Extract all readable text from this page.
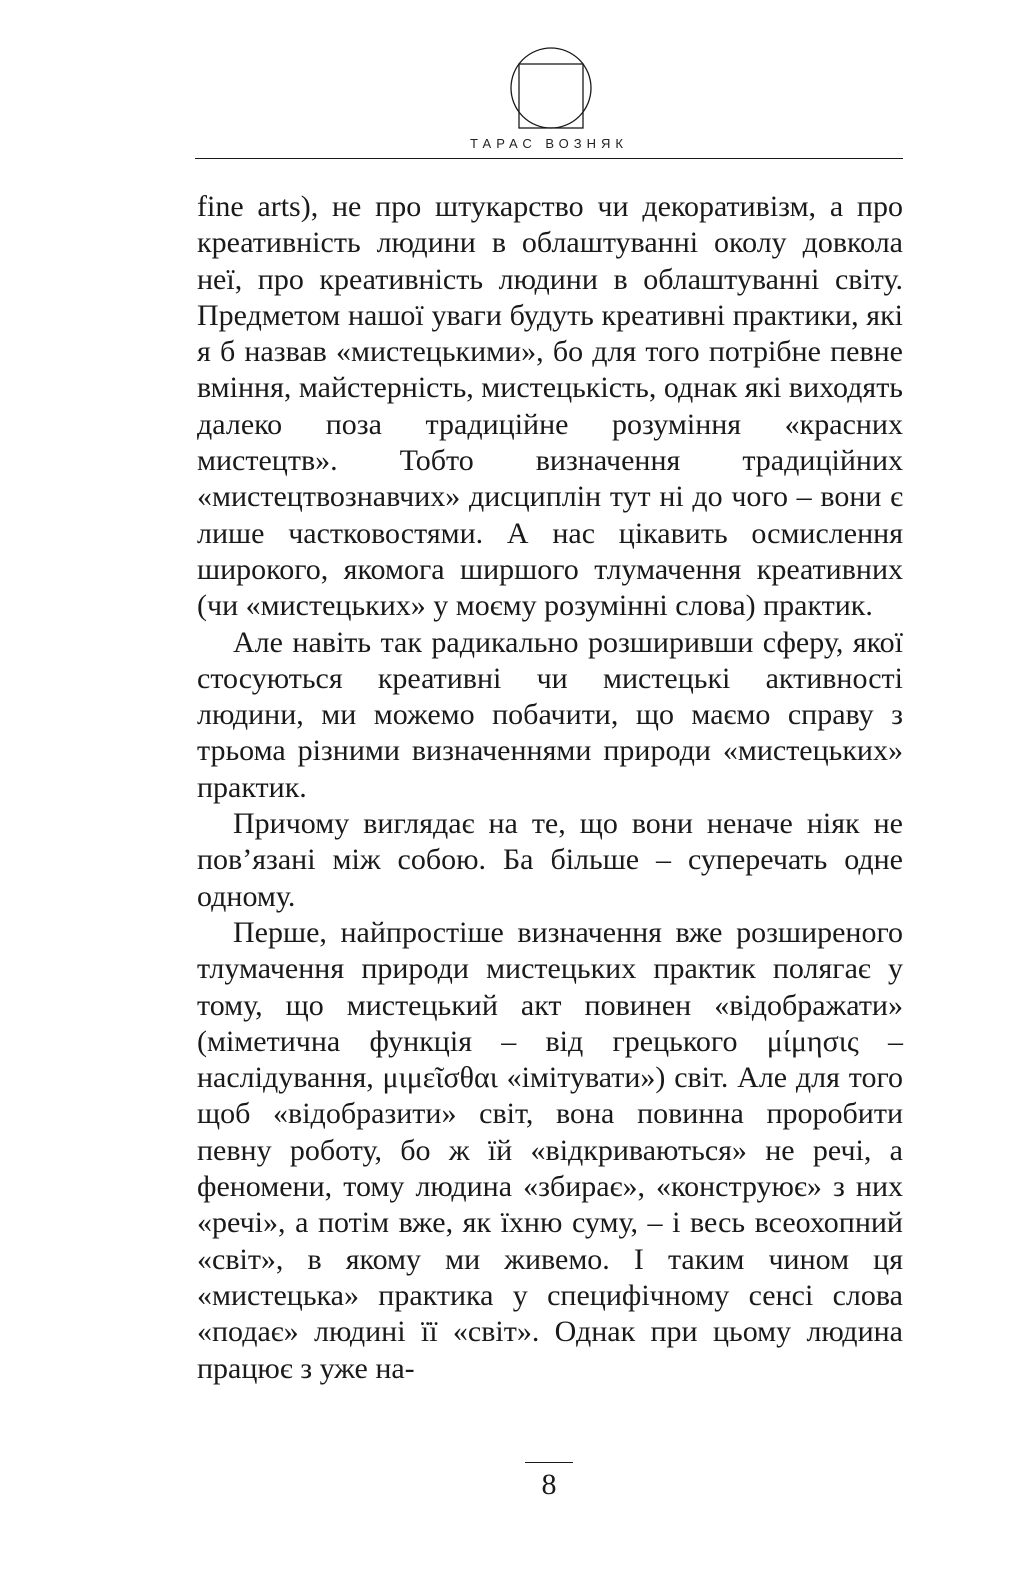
ТАРАС ВОЗНЯК

fine arts), не про штукарство чи декоративізм, а про креативність людини в облаштуванні околу довкола неї, про креативність людини в облаштуванні світу. Предметом нашої уваги будуть креативні практики, які я б назвав «мистецькими», бо для того потрібне певне вміння, майстерність, мистецькість, однак які виходять далеко поза традиційне розуміння «красних мистецтв». Тобто визначення традиційних «мистецтвознавчих» дисциплін тут ні до чого – вони є лише частковостями. А нас цікавить осмислення широкого, якомога ширшого тлумачення креативних (чи «мистецьких» у моєму розумінні слова) практик.

Але навіть так радикально розширивши сферу, якої стосуються креативні чи мистецькі активності людини, ми можемо побачити, що маємо справу з трьома різними визначеннями природи «мистецьких» практик.

Причому виглядає на те, що вони неначе ніяк не пов’язані між собою. Ба більше – суперечать одне одному.

Перше, найпростіше визначення вже розширеного тлумачення природи мистецьких практик полягає у тому, що мистецький акт повинен «відображати» (міметична функція – від грецького μίμησις – наслідування, μιμεῖσθαι «імітувати») світ. Але для того щоб «відобразити» світ, вона повинна проробити певну роботу, бо ж їй «відкриваються» не речі, а феномени, тому людина «збирає», «конструює» з них «речі», а потім вже, як їхню суму, – і весь всеохопний «світ», в якому ми живемо. І таким чином ця «мистецька» практика у специфічному сенсі слова «подає» людині її «світ». Однак при цьому людина працює з уже на-

8
